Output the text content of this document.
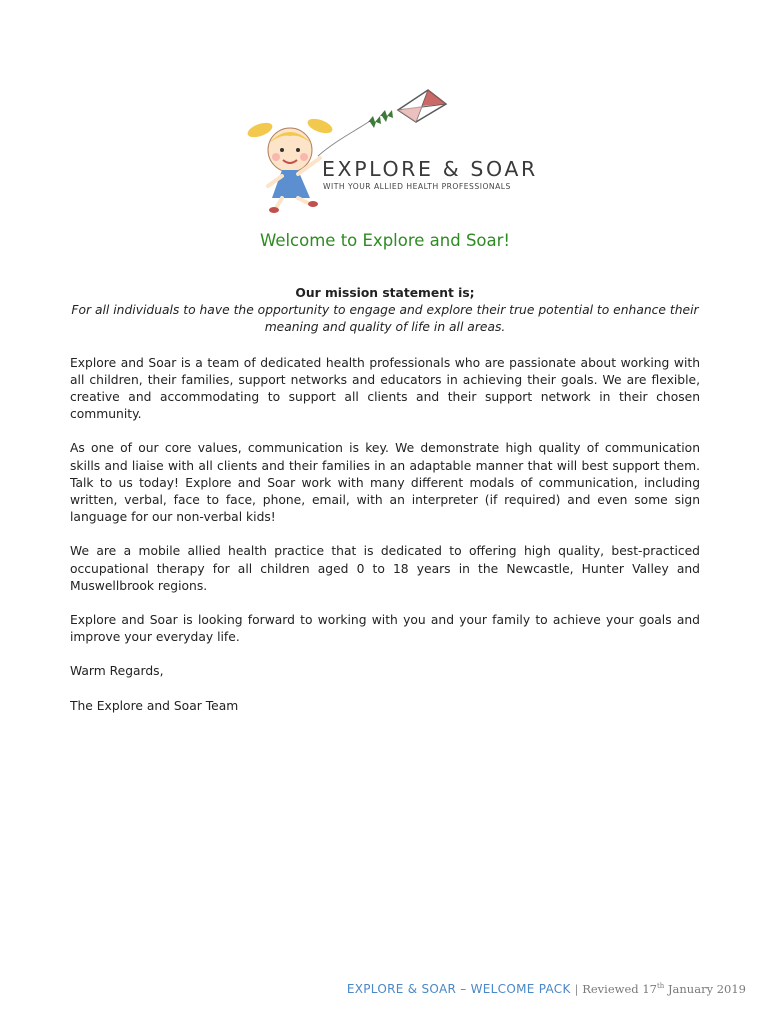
EXPLORE & SOAR
WITH YOUR ALLIED HEALTH PROFESSIONALS
Welcome to Explore and Soar!

Our mission statement is;

For all individuals to have the opportunity to engage and explore their true potential to enhance their meaning and quality of life in all areas.

Explore and Soar is a team of dedicated health professionals who are passionate about working with all children, their families, support networks and educators in achieving their goals. We are flexible, creative and accommodating to support all clients and their support network in their chosen community.

As one of our core values, communication is key. We demonstrate high quality of communication skills and liaise with all clients and their families in an adaptable manner that will best support them. Talk to us today! Explore and Soar work with many different modals of communication, including written, verbal, face to face, phone, email, with an interpreter (if required) and even some sign language for our non-verbal kids!

We are a mobile allied health practice that is dedicated to offering high quality, best-practiced occupational therapy for all children aged 0 to 18 years in the Newcastle, Hunter Valley and Muswellbrook regions.

Explore and Soar is looking forward to working with you and your family to achieve your goals and improve your everyday life.

Warm Regards,

The Explore and Soar Team

EXPLORE & SOAR – WELCOME PACK | Reviewed 17th January 2019
